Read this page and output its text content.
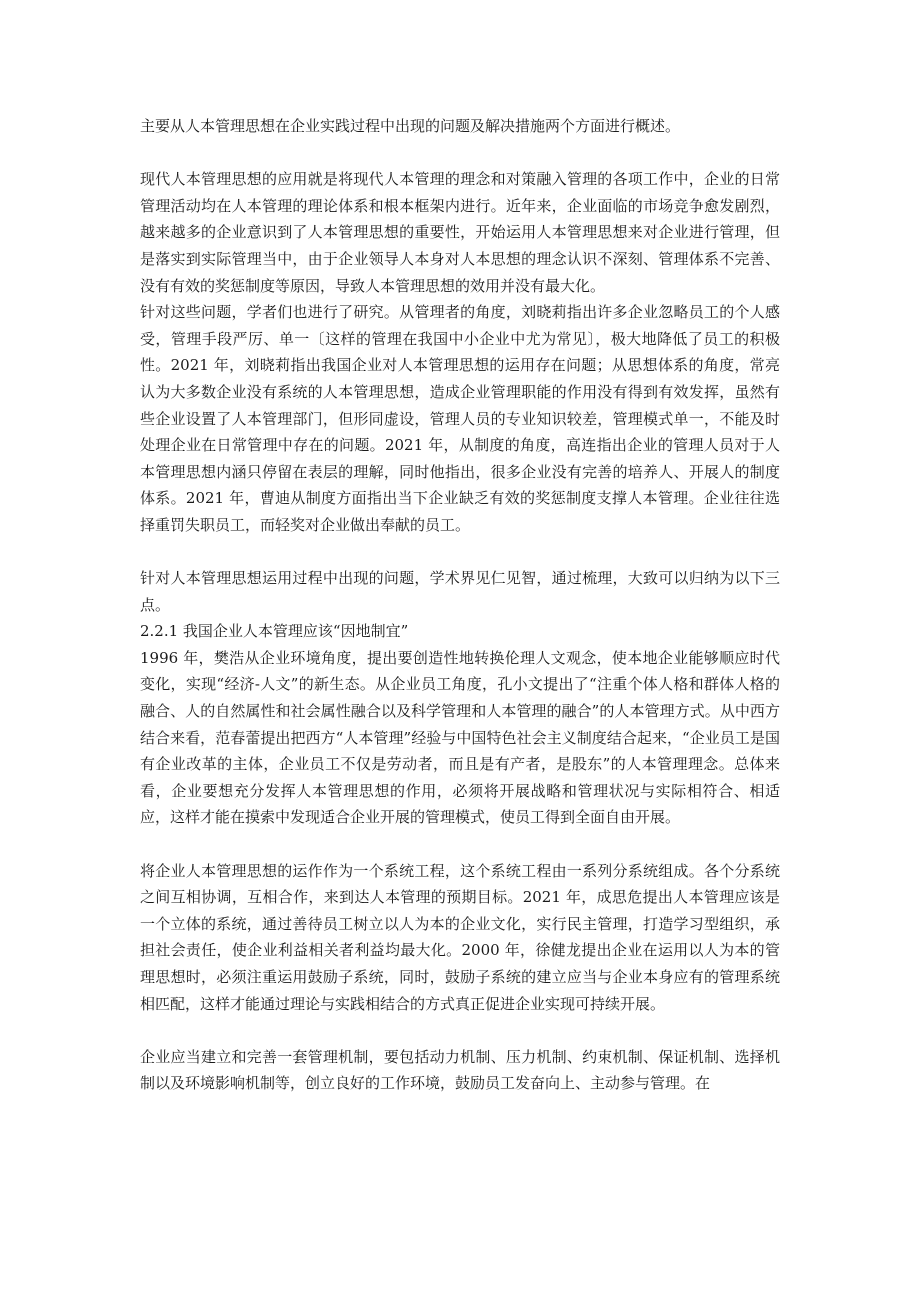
主要从人本管理思想在企业实践过程中出现的问题及解决措施两个方面进行概述。

现代人本管理思想的应用就是将现代人本管理的理念和对策融入管理的各项工作中，企业的日常管理活动均在人本管理的理论体系和根本框架内进行。近年来，企业面临的市场竞争愈发剧烈，越来越多的企业意识到了人本管理思想的重要性，开始运用人本管理思想来对企业进行管理，但是落实到实际管理当中，由于企业领导人本身对人本思想的理念认识不深刻、管理体系不完善、没有有效的奖惩制度等原因，导致人本管理思想的效用并没有最大化。

针对这些问题，学者们也进行了研究。从管理者的角度，刘晓莉指出许多企业忽略员工的个人感受，管理手段严厉、单一〔这样的管理在我国中小企业中尤为常见〕，极大地降低了员工的积极性。2021 年，刘晓莉指出我国企业对人本管理思想的运用存在问题；从思想体系的角度，常亮认为大多数企业没有系统的人本管理思想，造成企业管理职能的作用没有得到有效发挥，虽然有些企业设置了人本管理部门，但形同虚设，管理人员的专业知识较差，管理模式单一，不能及时处理企业在日常管理中存在的问题。2021 年，从制度的角度，高连指出企业的管理人员对于人本管理思想内涵只停留在表层的理解，同时他指出，很多企业没有完善的培养人、开展人的制度体系。2021 年，曹迪从制度方面指出当下企业缺乏有效的奖惩制度支撑人本管理。企业往往选择重罚失职员工，而轻奖对企业做出奉献的员工。

针对人本管理思想运用过程中出现的问题，学术界见仁见智，通过梳理，大致可以归纳为以下三点。

2.2.1 我国企业人本管理应该“因地制宜”

1996 年，樊浩从企业环境角度，提出要创造性地转换伦理人文观念，使本地企业能够顺应时代变化，实现“经济-人文”的新生态。从企业员工角度，孔小文提出了“注重个体人格和群体人格的融合、人的自然属性和社会属性融合以及科学管理和人本管理的融合”的人本管理方式。从中西方结合来看，范春蕾提出把西方“人本管理”经验与中国特色社会主义制度结合起来，“企业员工是国有企业改革的主体，企业员工不仅是劳动者，而且是有产者，是股东”的人本管理理念。总体来看，企业要想充分发挥人本管理思想的作用，必须将开展战略和管理状况与实际相符合、相适应，这样才能在摸索中发现适合企业开展的管理模式，使员工得到全面自由开展。

将企业人本管理思想的运作作为一个系统工程，这个系统工程由一系列分系统组成。各个分系统之间互相协调，互相合作，来到达人本管理的预期目标。2021 年，成思危提出人本管理应该是一个立体的系统，通过善待员工树立以人为本的企业文化，实行民主管理，打造学习型组织，承担社会责任，使企业利益相关者利益均最大化。2000 年，徐健龙提出企业在运用以人为本的管理思想时，必须注重运用鼓励子系统，同时，鼓励子系统的建立应当与企业本身应有的管理系统相匹配，这样才能通过理论与实践相结合的方式真正促进企业实现可持续开展。

企业应当建立和完善一套管理机制，要包括动力机制、压力机制、约束机制、保证机制、选择机制以及环境影响机制等，创立良好的工作环境，鼓励员工发奋向上、主动参与管理。在
